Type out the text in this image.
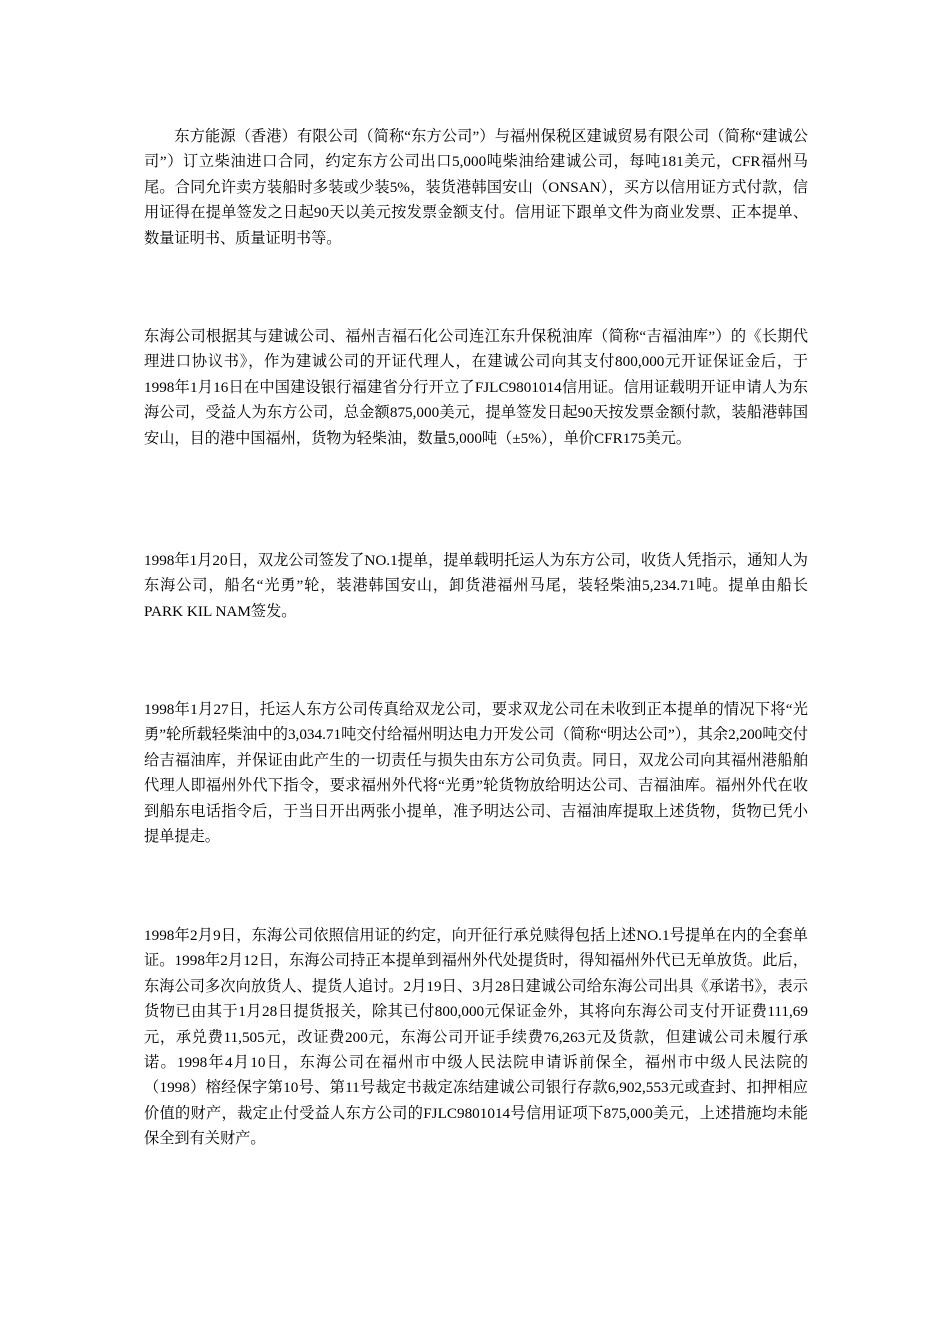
东方能源（香港）有限公司（简称“东方公司”）与福州保税区建诚贸易有限公司（简称“建诚公司”）订立柴油进口合同，约定东方公司出口5,000吨柴油给建诚公司，每吨181美元，CFR福州马尾。合同允许卖方装船时多装或少装5%，装货港韩国安山（ONSAN），买方以信用证方式付款，信用证得在提单签发之日起90天以美元按发票金额支付。信用证下跟单文件为商业发票、正本提单、数量证明书、质量证明书等。

东海公司根据其与建诚公司、福州吉福石化公司连江东升保税油库（简称“吉福油库”）的《长期代理进口协议书》，作为建诚公司的开证代理人，在建诚公司向其支付800,000元开证保证金后，于1998年1月16日在中国建设银行福建省分行开立了FJLC9801014信用证。信用证载明开证申请人为东海公司，受益人为东方公司，总金额875,000美元，提单签发日起90天按发票金额付款，装船港韩国安山，目的港中国福州，货物为轻柴油，数量5,000吨（±5%），单价CFR175美元。

1998年1月20日，双龙公司签发了NO.1提单，提单载明托运人为东方公司，收货人凭指示，通知人为东海公司，船名“光勇”轮，装港韩国安山，卸货港福州马尾，装轻柴油5,234.71吨。提单由船长PARK KIL NAM签发。

1998年1月27日，托运人东方公司传真给双龙公司，要求双龙公司在未收到正本提单的情况下将“光勇”轮所载轻柴油中的3,034.71吨交付给福州明达电力开发公司（简称“明达公司”），其余2,200吨交付给吉福油库，并保证由此产生的一切责任与损失由东方公司负责。同日，双龙公司向其福州港船舶代理人即福州外代下指令，要求福州外代将“光勇”轮货物放给明达公司、吉福油库。福州外代在收到船东电话指令后，于当日开出两张小提单，准予明达公司、吉福油库提取上述货物，货物已凭小提单提走。

1998年2月9日，东海公司依照信用证的约定，向开征行承兑赎得包括上述NO.1号提单在内的全套单证。1998年2月12日，东海公司持正本提单到福州外代处提货时，得知福州外代已无单放货。此后，东海公司多次向放货人、提货人追讨。2月19日、3月28日建诚公司给东海公司出具《承诺书》，表示货物已由其于1月28日提货报关，除其已付800,000元保证金外，其将向东海公司支付开证费111,69元，承兑费11,505元，改证费200元，东海公司开证手续费76,263元及货款，但建诚公司未履行承诺。1998年4月10日，东海公司在福州市中级人民法院申请诉前保全，福州市中级人民法院的（1998）榕经保字第10号、第11号裁定书裁定冻结建诚公司银行存款6,902,553元或查封、扣押相应价值的财产，裁定止付受益人东方公司的FJLC9801014号信用证项下875,000美元，上述措施均未能保全到有关财产。
